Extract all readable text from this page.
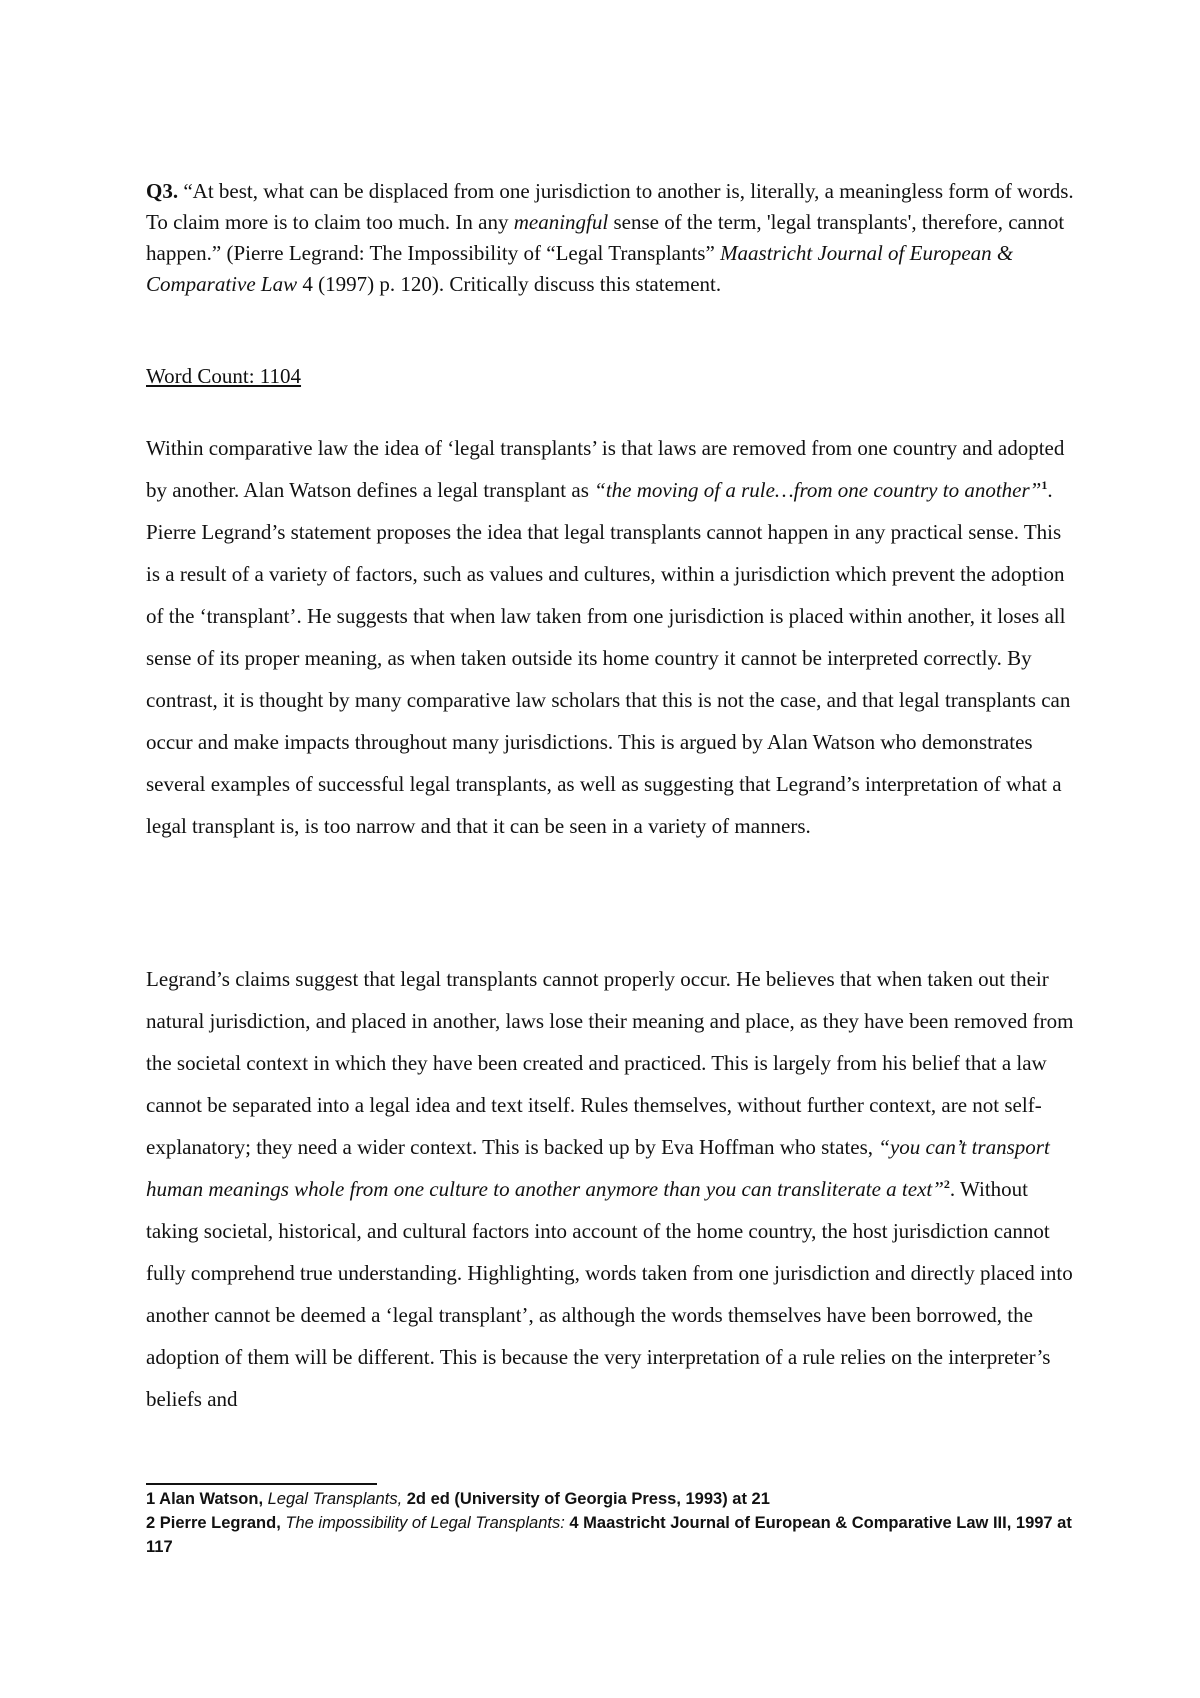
Q3. “At best, what can be displaced from one jurisdiction to another is, literally, a meaningless form of words. To claim more is to claim too much. In any meaningful sense of the term, 'legal transplants', therefore, cannot happen.” (Pierre Legrand: The Impossibility of “Legal Transplants” Maastricht Journal of European & Comparative Law 4 (1997) p. 120). Critically discuss this statement.

Word Count: 1104

Within comparative law the idea of ‘legal transplants’ is that laws are removed from one country and adopted by another. Alan Watson defines a legal transplant as “the moving of a rule…from one country to another”$^1$. Pierre Legrand’s statement proposes the idea that legal transplants cannot happen in any practical sense. This is a result of a variety of factors, such as values and cultures, within a jurisdiction which prevent the adoption of the ‘transplant’. He suggests that when law taken from one jurisdiction is placed within another, it loses all sense of its proper meaning, as when taken outside its home country it cannot be interpreted correctly. By contrast, it is thought by many comparative law scholars that this is not the case, and that legal transplants can occur and make impacts throughout many jurisdictions. This is argued by Alan Watson who demonstrates several examples of successful legal transplants, as well as suggesting that Legrand’s interpretation of what a legal transplant is, is too narrow and that it can be seen in a variety of manners.

Legrand’s claims suggest that legal transplants cannot properly occur. He believes that when taken out their natural jurisdiction, and placed in another, laws lose their meaning and place, as they have been removed from the societal context in which they have been created and practiced. This is largely from his belief that a law cannot be separated into a legal idea and text itself. Rules themselves, without further context, are not self-explanatory; they need a wider context. This is backed up by Eva Hoffman who states, “you can’t transport human meanings whole from one culture to another anymore than you can transliterate a text”$^2$. Without taking societal, historical, and cultural factors into account of the home country, the host jurisdiction cannot fully comprehend true understanding. Highlighting, words taken from one jurisdiction and directly placed into another cannot be deemed a ‘legal transplant’, as although the words themselves have been borrowed, the adoption of them will be different. This is because the very interpretation of a rule relies on the interpreter’s beliefs and

1 Alan Watson, Legal Transplants, 2d ed (University of Georgia Press, 1993) at 21

2 Pierre Legrand, The impossibility of Legal Transplants: 4 Maastricht Journal of European & Comparative Law III, 1997 at 117
